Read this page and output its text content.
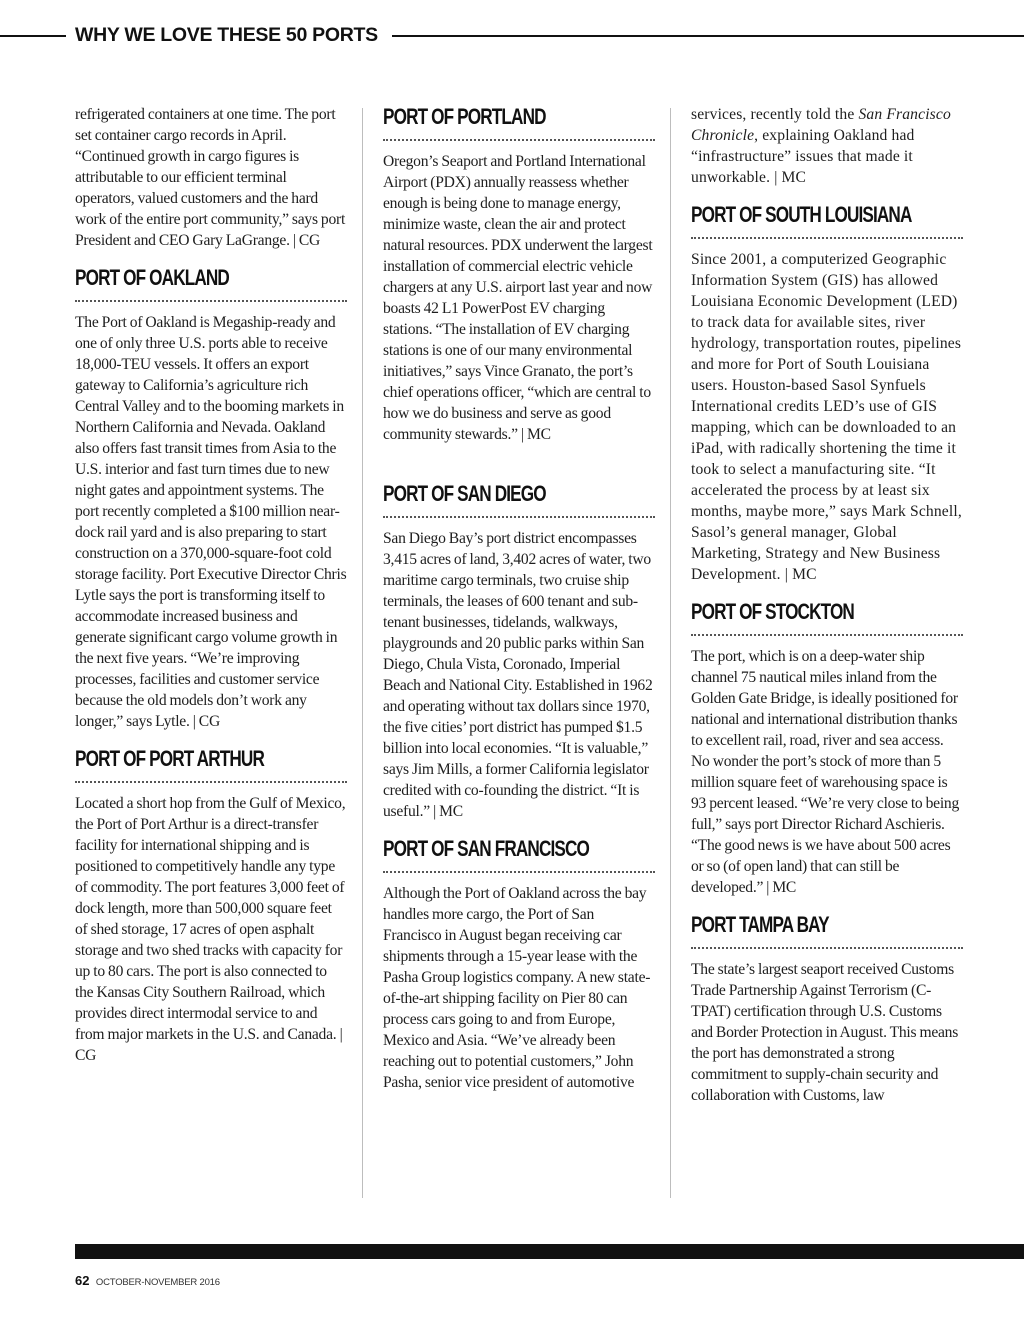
WHY WE LOVE THESE 50 PORTS

refrigerated containers at one time. The port set container cargo records in April. “Continued growth in cargo figures is attributable to our efficient terminal operators, valued customers and the hard work of the entire port community,” says port President and CEO Gary LaGrange. | CG

PORT OF OAKLAND

The Port of Oakland is Megaship-ready and one of only three U.S. ports able to receive 18,000-TEU vessels. It offers an export gateway to California’s agriculture rich Central Valley and to the booming markets in Northern California and Nevada. Oakland also offers fast transit times from Asia to the U.S. interior and fast turn times due to new night gates and appointment systems. The port recently completed a $100 million near-dock rail yard and is also preparing to start construction on a 370,000-square-foot cold storage facility. Port Executive Director Chris Lytle says the port is transforming itself to accommodate increased business and generate significant cargo volume growth in the next five years. “We’re improving processes, facilities and customer service because the old models don’t work any longer,” says Lytle. | CG

PORT OF PORT ARTHUR

Located a short hop from the Gulf of Mexico, the Port of Port Arthur is a direct-transfer facility for international shipping and is positioned to competitively handle any type of commodity. The port features 3,000 feet of dock length, more than 500,000 square feet of shed storage, 17 acres of open asphalt storage and two shed tracks with capacity for up to 80 cars. The port is also connected to the Kansas City Southern Railroad, which provides direct intermodal service to and from major markets in the U.S. and Canada. | CG

PORT OF PORTLAND

Oregon’s Seaport and Portland International Airport (PDX) annually reassess whether enough is being done to manage energy, minimize waste, clean the air and protect natural resources. PDX underwent the largest installation of commercial electric vehicle chargers at any U.S. airport last year and now boasts 42 L1 PowerPost EV charging stations. “The installation of EV charging stations is one of our many environmental initiatives,” says Vince Granato, the port’s chief operations officer, “which are central to how we do business and serve as good community stewards.” | MC

PORT OF SAN DIEGO

San Diego Bay’s port district encompasses 3,415 acres of land, 3,402 acres of water, two maritime cargo terminals, two cruise ship terminals, the leases of 600 tenant and sub-tenant businesses, tidelands, walkways, playgrounds and 20 public parks within San Diego, Chula Vista, Coronado, Imperial Beach and National City. Established in 1962 and operating without tax dollars since 1970, the five cities’ port district has pumped $1.5 billion into local economies. “It is valuable,” says Jim Mills, a former California legislator credited with co-founding the district. “It is useful.” | MC

PORT OF SAN FRANCISCO

Although the Port of Oakland across the bay handles more cargo, the Port of San Francisco in August began receiving car shipments through a 15-year lease with the Pasha Group logistics company. A new state-of-the-art shipping facility on Pier 80 can process cars going to and from Europe, Mexico and Asia. “We’ve already been reaching out to potential customers,” John Pasha, senior vice president of automotive

services, recently told the San Francisco Chronicle, explaining Oakland had “infrastructure” issues that made it unworkable. | MC

PORT OF SOUTH LOUISIANA

Since 2001, a computerized Geographic Information System (GIS) has allowed Louisiana Economic Development (LED) to track data for available sites, river hydrology, transportation routes, pipelines and more for Port of South Louisiana users. Houston-based Sasol Synfuels International credits LED’s use of GIS mapping, which can be downloaded to an iPad, with radically shortening the time it took to select a manufacturing site. “It accelerated the process by at least six months, maybe more,” says Mark Schnell, Sasol’s general manager, Global Marketing, Strategy and New Business Development. | MC

PORT OF STOCKTON

The port, which is on a deep-water ship channel 75 nautical miles inland from the Golden Gate Bridge, is ideally positioned for national and international distribution thanks to excellent rail, road, river and sea access. No wonder the port’s stock of more than 5 million square feet of warehousing space is 93 percent leased. “We’re very close to being full,” says port Director Richard Aschieris. “The good news is we have about 500 acres or so (of open land) that can still be developed.” | MC

PORT TAMPA BAY

The state’s largest seaport received Customs Trade Partnership Against Terrorism (C-TPAT) certification through U.S. Customs and Border Protection in August. This means the port has demonstrated a strong commitment to supply-chain security and collaboration with Customs, law

62 OCTOBER-NOVEMBER 2016
